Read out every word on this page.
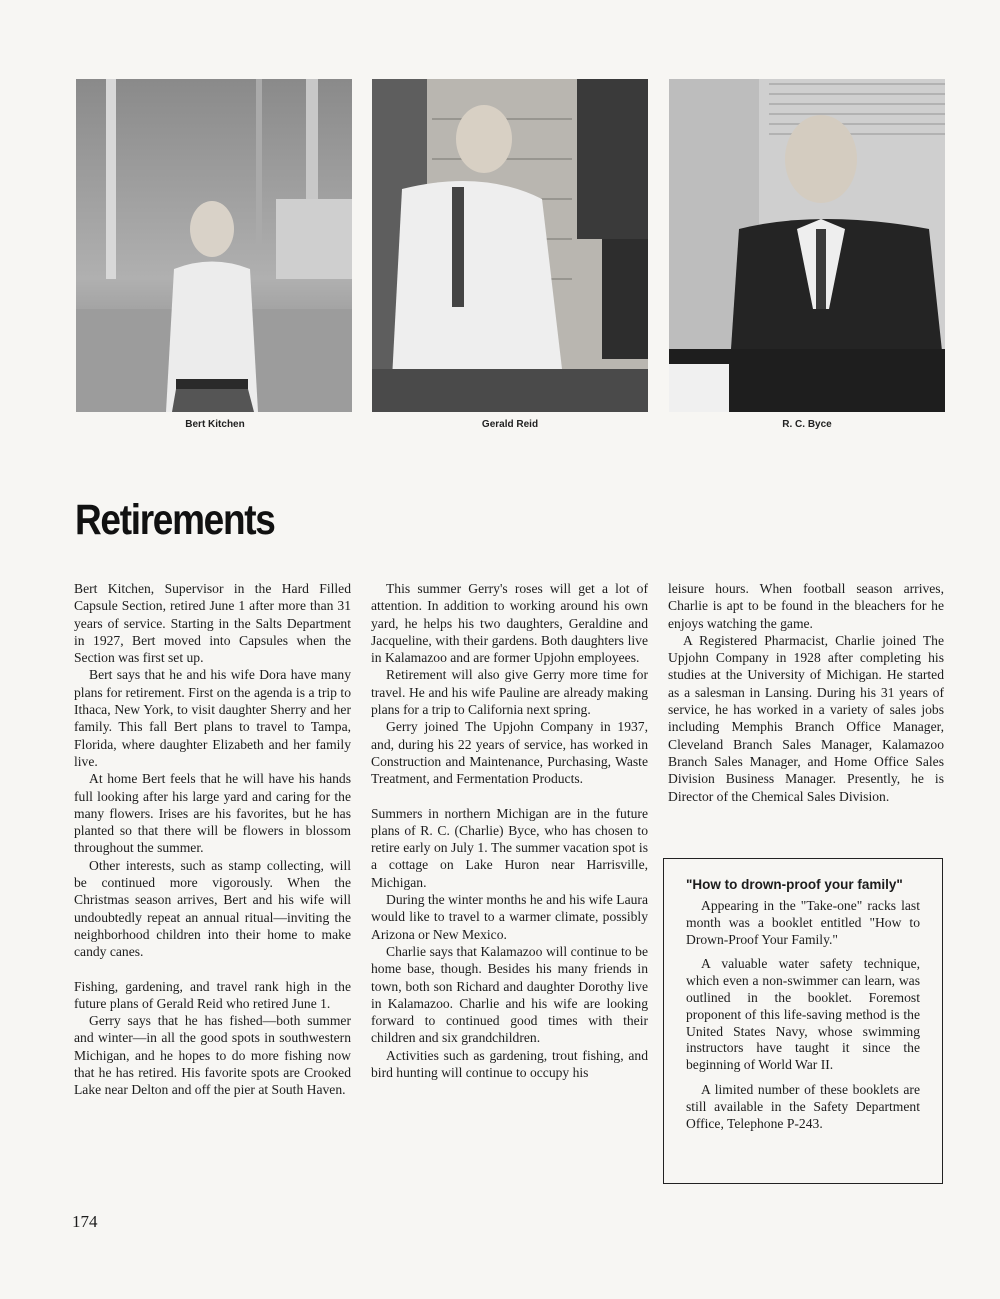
Bert Kitchen	Gerald Reid	R. C. Byce
Retirements

Bert Kitchen, Supervisor in the Hard Filled Capsule Section, retired June 1 after more than 31 years of service. Starting in the Salts Department in 1927, Bert moved into Capsules when the Section was first set up.

Bert says that he and his wife Dora have many plans for retirement. First on the agenda is a trip to Ithaca, New York, to visit daughter Sherry and her family. This fall Bert plans to travel to Tampa, Florida, where daughter Elizabeth and her family live.

At home Bert feels that he will have his hands full looking after his large yard and caring for the many flowers. Irises are his favorites, but he has planted so that there will be flowers in blossom throughout the summer.

Other interests, such as stamp collecting, will be continued more vigorously. When the Christmas season arrives, Bert and his wife will undoubtedly repeat an annual ritual—inviting the neighborhood children into their home to make candy canes.

Fishing, gardening, and travel rank high in the future plans of Gerald Reid who retired June 1.

Gerry says that he has fished—both summer and winter—in all the good spots in southwestern Michigan, and he hopes to do more fishing now that he has retired. His favorite spots are Crooked Lake near Delton and off the pier at South Haven.

This summer Gerry's roses will get a lot of attention. In addition to working around his own yard, he helps his two daughters, Geraldine and Jacqueline, with their gardens. Both daughters live in Kalamazoo and are former Upjohn employees.

Retirement will also give Gerry more time for travel. He and his wife Pauline are already making plans for a trip to California next spring.

Gerry joined The Upjohn Company in 1937, and, during his 22 years of service, has worked in Construction and Maintenance, Purchasing, Waste Treatment, and Fermentation Products.

Summers in northern Michigan are in the future plans of R. C. (Charlie) Byce, who has chosen to retire early on July 1. The summer vacation spot is a cottage on Lake Huron near Harrisville, Michigan.

During the winter months he and his wife Laura would like to travel to a warmer climate, possibly Arizona or New Mexico.

Charlie says that Kalamazoo will continue to be home base, though. Besides his many friends in town, both son Richard and daughter Dorothy live in Kalamazoo. Charlie and his wife are looking forward to continued good times with their children and six grandchildren.

Activities such as gardening, trout fishing, and bird hunting will continue to occupy his

leisure hours. When football season arrives, Charlie is apt to be found in the bleachers for he enjoys watching the game.

A Registered Pharmacist, Charlie joined The Upjohn Company in 1928 after completing his studies at the University of Michigan. He started as a salesman in Lansing. During his 31 years of service, he has worked in a variety of sales jobs including Memphis Branch Office Manager, Cleveland Branch Sales Manager, Kalamazoo Branch Sales Manager, and Home Office Sales Division Business Manager. Presently, he is Director of the Chemical Sales Division.

"How to drown-proof your family"

Appearing in the "Take-one" racks last month was a booklet entitled "How to Drown-Proof Your Family."

A valuable water safety technique, which even a non-swimmer can learn, was outlined in the booklet. Foremost proponent of this life-saving method is the United States Navy, whose swimming instructors have taught it since the beginning of World War II.

A limited number of these booklets are still available in the Safety Department Office, Telephone P-243.

174
